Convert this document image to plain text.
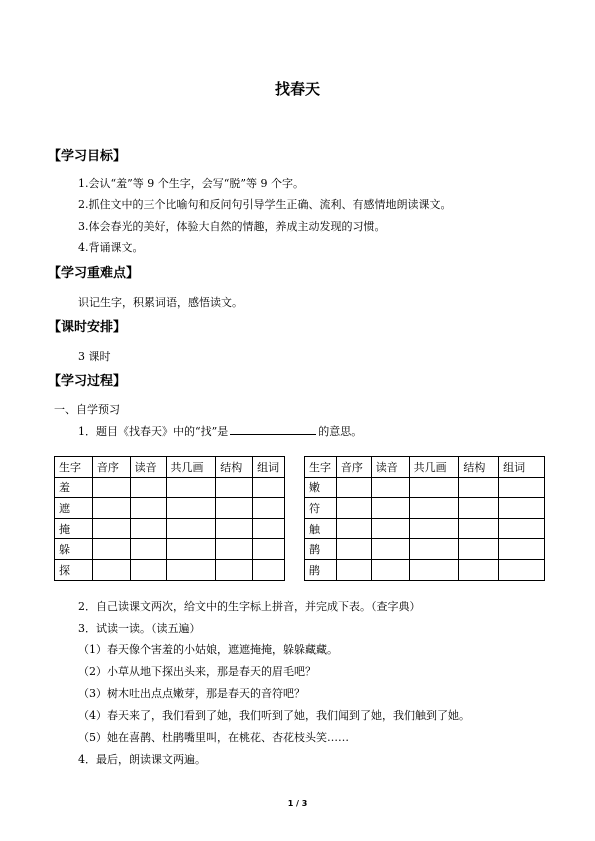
找春天
【学习目标】
1.会认“羞”等 9 个生字，会写“脱”等 9 个字。
2.抓住文中的三个比喻句和反问句引导学生正确、流利、有感情地朗读课文。
3.体会春光的美好，体验大自然的情趣，养成主动发现的习惯。
4.背诵课文。
【学习重难点】
识记生字，积累词语，感悟读文。
【课时安排】
3 课时
【学习过程】
一、自学预习
1．题目《找春天》中的“找”是	的意思。
生字	音序	读音	共几画	结构	组词
羞					
遮					
掩					
躲					
探					
生字	音序	读音	共几画	结构	组词
嫩					
符					
触					
鹊					
鹃					
2．自己读课文两次，给文中的生字标上拼音，并完成下表。（查字典）
3．试读一读。（读五遍）
（1）春天像个害羞的小姑娘，遮遮掩掩，躲躲藏藏。
（2）小草从地下探出头来，那是春天的眉毛吧？
（3）树木吐出点点嫩芽，那是春天的音符吧？
（4）春天来了，我们看到了她，我们听到了她，我们闻到了她，我们触到了她。
（5）她在喜鹊、杜鹃嘴里叫，在桃花、杏花枝头笑……
4．最后，朗读课文两遍。
1 / 3
